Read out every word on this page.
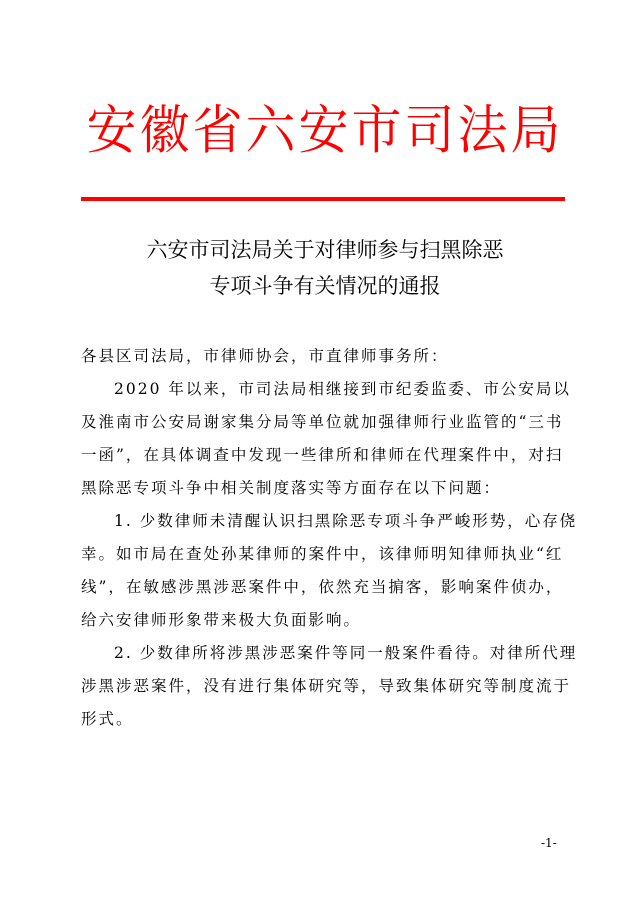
安徽省六安市司法局
六安市司法局关于对律师参与扫黑除恶
专项斗争有关情况的通报
各县区司法局，市律师协会，市直律师事务所：
2020 年以来，市司法局相继接到市纪委监委、市公安局以
及淮南市公安局谢家集分局等单位就加强律师行业监管的“三书
一函”，在具体调查中发现一些律所和律师在代理案件中，对扫
黑除恶专项斗争中相关制度落实等方面存在以下问题：
1. 少数律师未清醒认识扫黑除恶专项斗争严峻形势，心存侥
幸。如市局在查处孙某律师的案件中，该律师明知律师执业“红
线”，在敏感涉黑涉恶案件中，依然充当掮客，影响案件侦办，
给六安律师形象带来极大负面影响。
2. 少数律所将涉黑涉恶案件等同一般案件看待。对律所代理
涉黑涉恶案件，没有进行集体研究等，导致集体研究等制度流于
形式。
-1-
